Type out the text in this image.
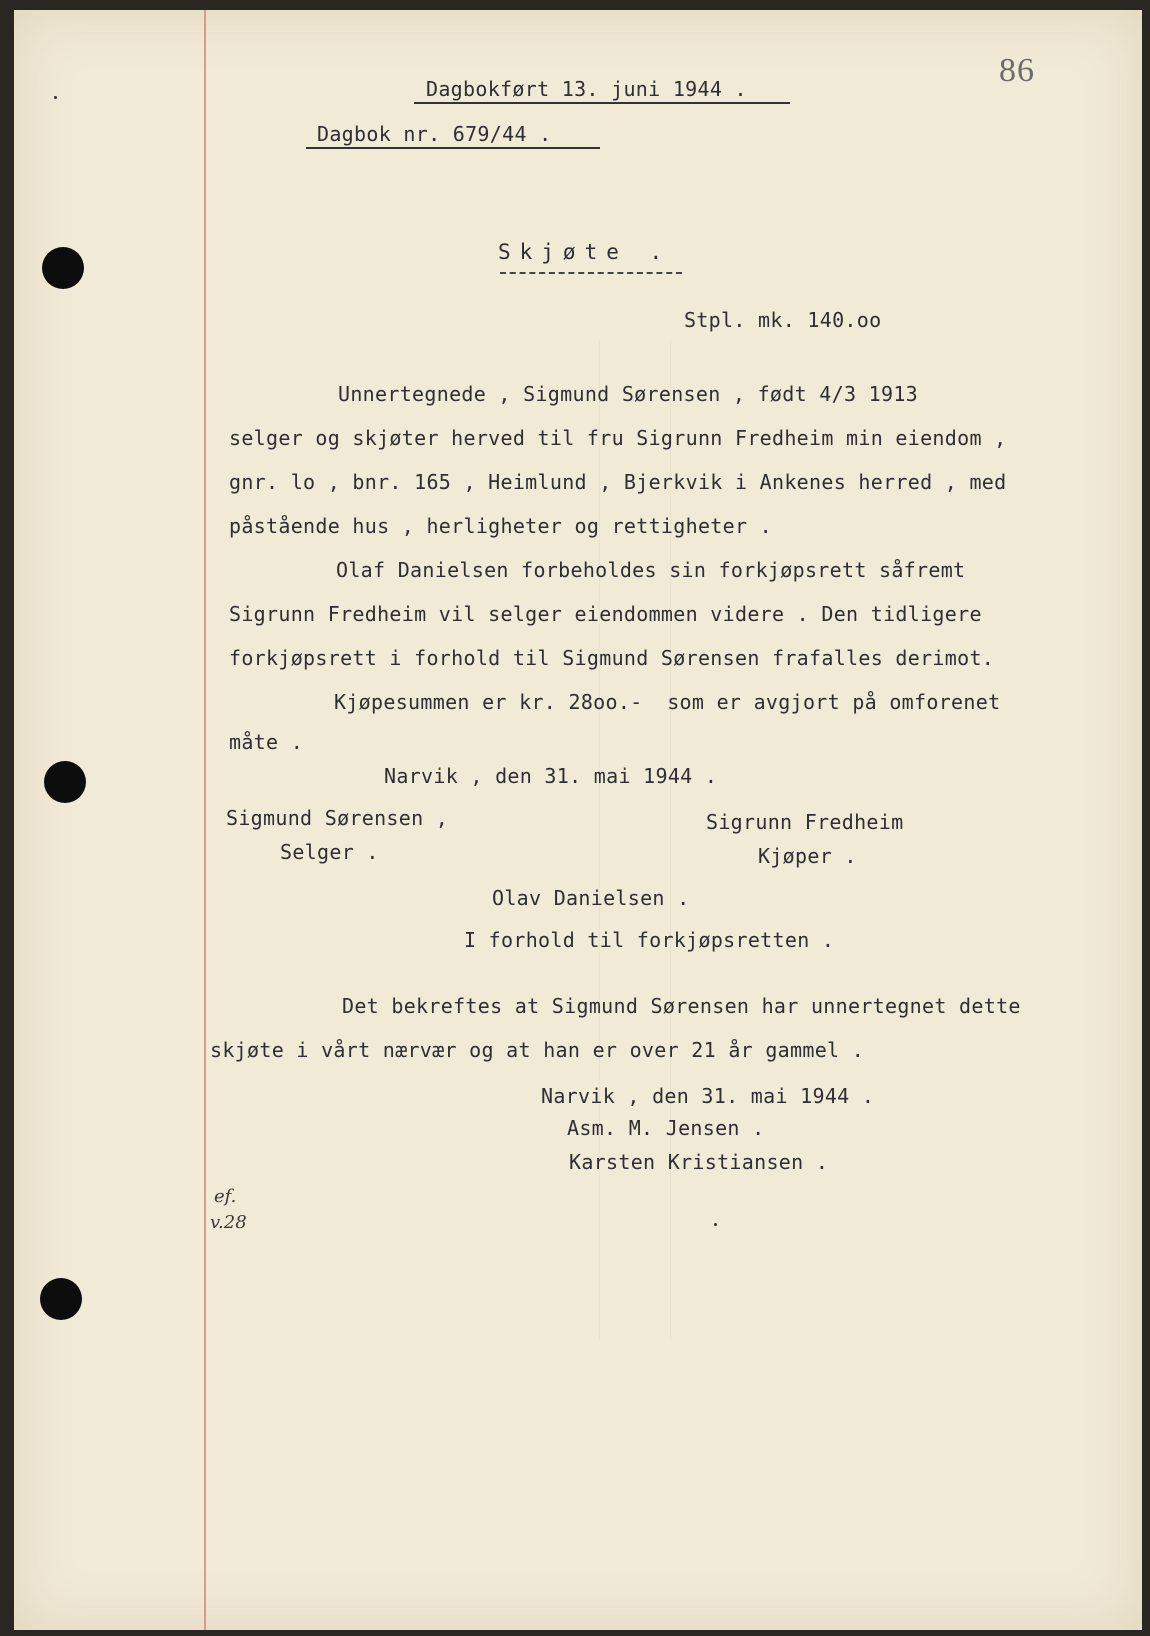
86
Dagbokført 13. juni 1944 .
Dagbok nr. 679/44 .
Skjøte .
Stpl. mk. 140.oo
Unnertegnede , Sigmund Sørensen , født 4/3 1913
selger og skjøter herved til fru Sigrunn Fredheim min eiendom ,
gnr. lo , bnr. 165 , Heimlund , Bjerkvik i Ankenes herred , med
påstående hus , herligheter og rettigheter .
Olaf Danielsen forbeholdes sin forkjøpsrett såfremt
Sigrunn Fredheim vil selger eiendommen videre . Den tidligere
forkjøpsrett i forhold til Sigmund Sørensen frafalles derimot.
Kjøpesummen er kr. 28oo.-  som er avgjort på omforenet
måte .
Narvik , den 31. mai 1944 .
Sigmund Sørensen ,
Selger .
Sigrunn Fredheim
Kjøper .
Olav Danielsen .
I forhold til forkjøpsretten .
Det bekreftes at Sigmund Sørensen har unnertegnet dette
skjøte i vårt nærvær og at han er over 21 år gammel .
Narvik , den 31. mai 1944 .
Asm. M. Jensen .
Karsten Kristiansen .
ef.
v.28
